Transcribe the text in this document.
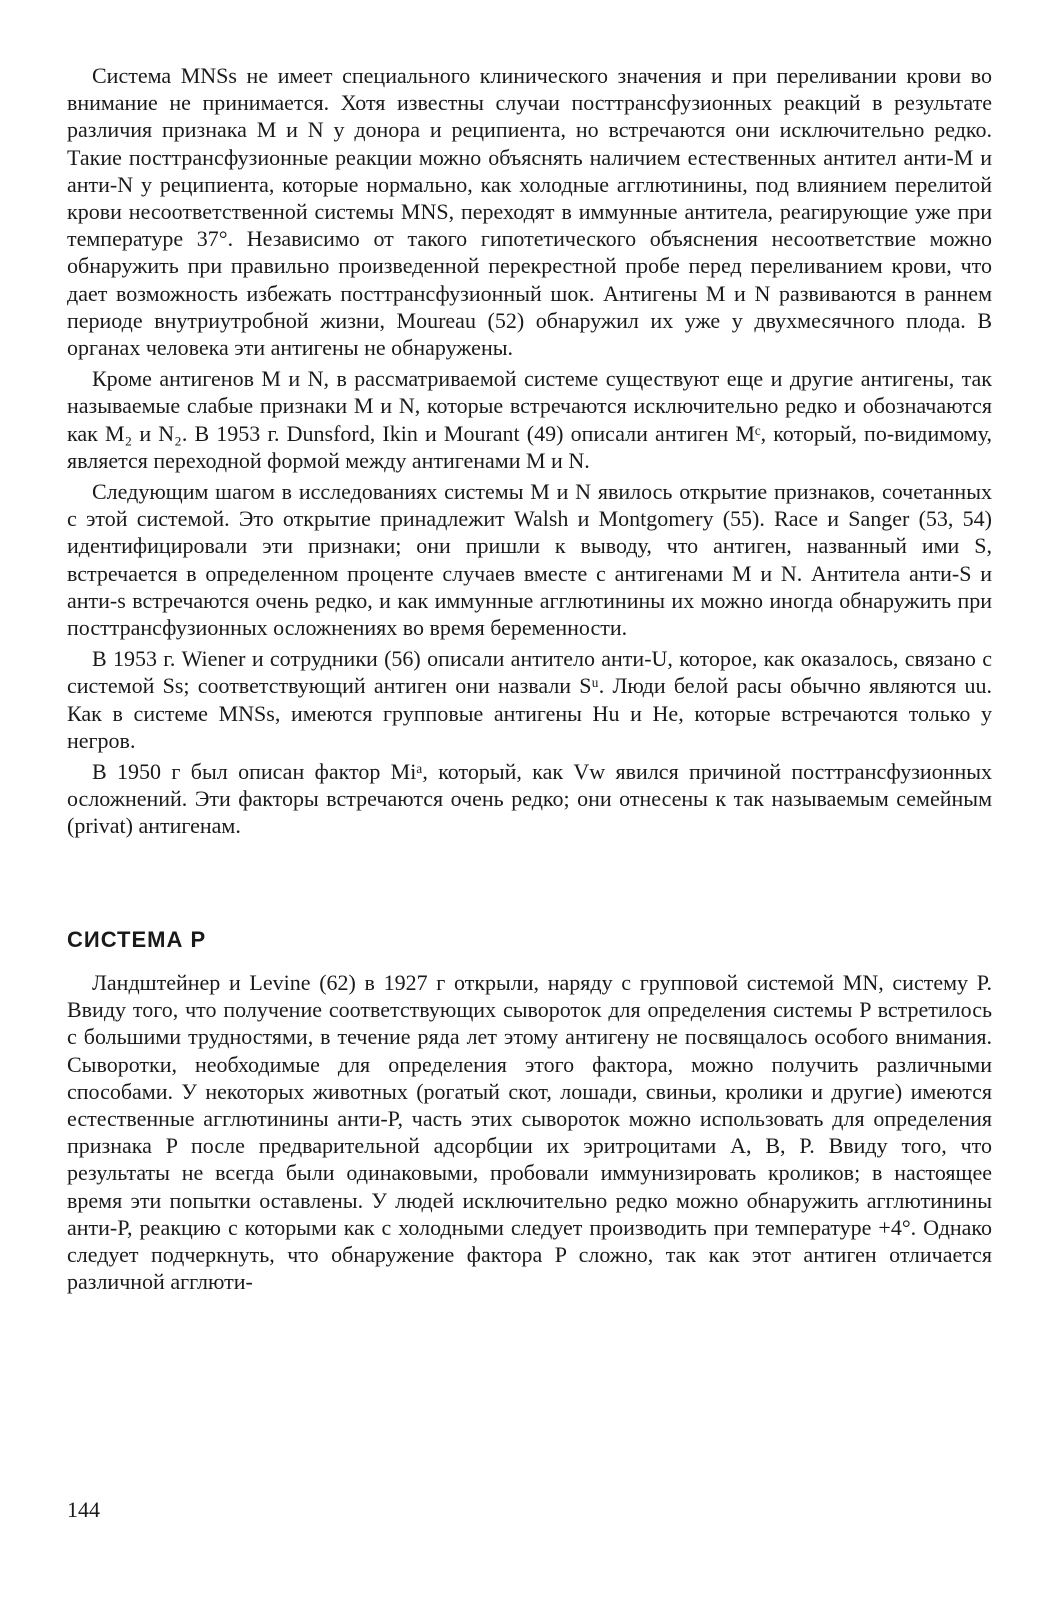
Система MNSs не имеет специального клинического значения и при переливании крови во внимание не принимается. Хотя известны случаи посттрансфузионных реакций в результате различия признака M и N у донора и реципиента, но встречаются они исключительно редко. Такие посттрансфузионные реакции можно объяснять наличием естественных антител анти-M и анти-N у реципиента, которые нормально, как холодные агглютинины, под влиянием перелитой крови несоответственной системы MNS, переходят в иммунные антитела, реагирующие уже при температуре 37°. Независимо от такого гипотетического объяснения несоответствие можно обнаружить при правильно произведенной перекрестной пробе перед переливанием крови, что дает возможность избежать посттрансфузионный шок. Антигены M и N развиваются в раннем периоде внутриутробной жизни, Moureau (52) обнаружил их уже у двухмесячного плода. В органах человека эти антигены не обнаружены.

Кроме антигенов M и N, в рассматриваемой системе существуют еще и другие антигены, так называемые слабые признаки M и N, которые встречаются исключительно редко и обозначаются как M₂ и N₂. В 1953 г. Dunsford, Ikin и Mourant (49) описали антиген Mᶜ, который, по-видимому, является переходной формой между антигенами M и N.

Следующим шагом в исследованиях системы M и N явилось открытие признаков, сочетанных с этой системой. Это открытие принадлежит Walsh и Montgomery (55). Race и Sanger (53, 54) идентифицировали эти признаки; они пришли к выводу, что антиген, названный ими S, встречается в определенном проценте случаев вместе с антигенами M и N. Антитела анти-S и анти-s встречаются очень редко, и как иммунные агглютинины их можно иногда обнаружить при посттрансфузионных осложнениях во время беременности.

В 1953 г. Wiener и сотрудники (56) описали антитело анти-U, которое, как оказалось, связано с системой Ss; соответствующий антиген они назвали Sᵘ. Люди белой расы обычно являются uu. Как в системе MNSs, имеются групповые антигены Hu и He, которые встречаются только у негров.

В 1950 г был описан фактор Miᵃ, который, как Vw явился причиной посттрансфузионных осложнений. Эти факторы встречаются очень редко; они отнесены к так называемым семейным (privat) антигенам.

СИСТЕМА P

Ландштейнер и Levine (62) в 1927 г открыли, наряду с групповой системой MN, систему P. Ввиду того, что получение соответствующих сывороток для определения системы P встретилось с большими трудностями, в течение ряда лет этому антигену не посвящалось особого внимания. Сыворотки, необходимые для определения этого фактора, можно получить различными способами. У некоторых животных (рогатый скот, лошади, свиньи, кролики и другие) имеются естественные агглютинины анти-P, часть этих сывороток можно использовать для определения признака P после предварительной адсорбции их эритроцитами A, B, P. Ввиду того, что результаты не всегда были одинаковыми, пробовали иммунизировать кроликов; в настоящее время эти попытки оставлены. У людей исключительно редко можно обнаружить агглютинины анти-P, реакцию с которыми как с холодными следует производить при температуре +4°. Однако следует подчеркнуть, что обнаружение фактора P сложно, так как этот антиген отличается различной агглюти-

144
